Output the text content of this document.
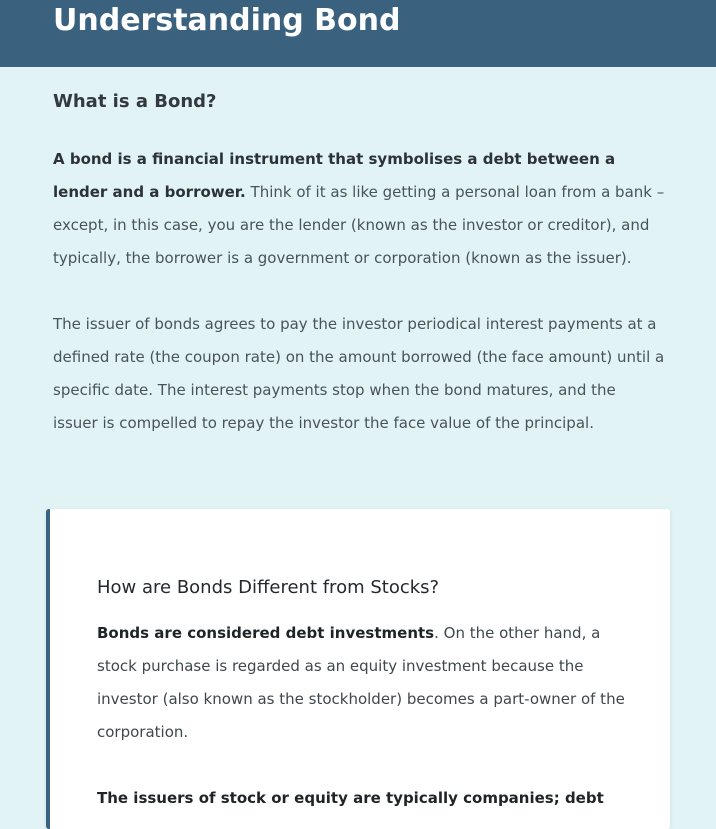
Understanding Bond
What is a Bond?

A bond is a financial instrument that symbolises a debt between a lender and a borrower. Think of it as like getting a personal loan from a bank – except, in this case, you are the lender (known as the investor or creditor), and typically, the borrower is a government or corporation (known as the issuer).

The issuer of bonds agrees to pay the investor periodical interest payments at a defined rate (the coupon rate) on the amount borrowed (the face amount) until a specific date. The interest payments stop when the bond matures, and the issuer is compelled to repay the investor the face value of the principal.

How are Bonds Different from Stocks?

Bonds are considered debt investments. On the other hand, a stock purchase is regarded as an equity investment because the investor (also known as the stockholder) becomes a part-owner of the corporation.

The issuers of stock or equity are typically companies; debt
